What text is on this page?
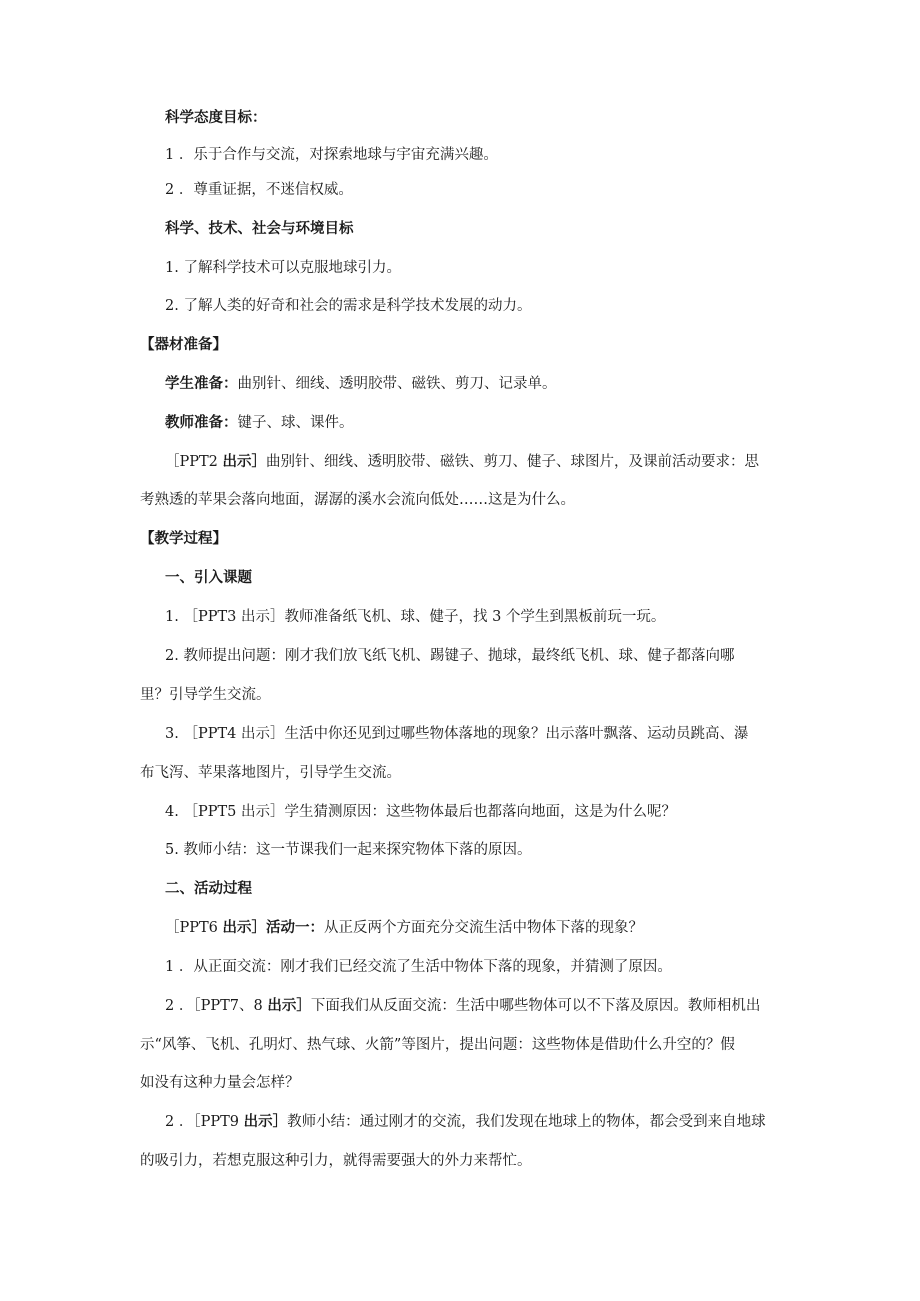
科学态度目标：
1 ．乐于合作与交流，对探索地球与宇宙充满兴趣。
2 ．尊重证据，不迷信权威。
科学、技术、社会与环境目标
1. 了解科学技术可以克服地球引力。
2. 了解人类的好奇和社会的需求是科学技术发展的动力。
【器材准备】
学生准备：曲别针、细线、透明胶带、磁铁、剪刀、记录单。
教师准备：键子、球、课件。
［PPT2 出示］曲别针、细线、透明胶带、磁铁、剪刀、健子、球图片，及课前活动要求：思
考熟透的苹果会落向地面，潺潺的溪水会流向低处……这是为什么。
【教学过程】
一、引入课题
1. ［PPT3 出示］教师准备纸飞机、球、健子，找 3 个学生到黑板前玩一玩。
2. 教师提出问题：刚才我们放飞纸飞机、踢键子、抛球，最终纸飞机、球、健子都落向哪
里？引导学生交流。
3. ［PPT4 出示］生活中你还见到过哪些物体落地的现象？出示落叶飘落、运动员跳高、瀑
布飞泻、苹果落地图片，引导学生交流。
4. ［PPT5 出示］学生猜测原因：这些物体最后也都落向地面，这是为什么呢？
5. 教师小结：这一节课我们一起来探究物体下落的原因。
二、活动过程
［PPT6 出示］活动一：从正反两个方面充分交流生活中物体下落的现象？
1 ．从正面交流：刚才我们已经交流了生活中物体下落的现象，并猜测了原因。
2 ．［PPT7、8 出示］下面我们从反面交流：生活中哪些物体可以不下落及原因。教师相机出
示“风筝、飞机、孔明灯、热气球、火箭”等图片，提出问题：这些物体是借助什么升空的？假
如没有这种力量会怎样？
2 ．［PPT9 出示］教师小结：通过刚才的交流，我们发现在地球上的物体，都会受到来自地球
的吸引力，若想克服这种引力，就得需要强大的外力来帮忙。
